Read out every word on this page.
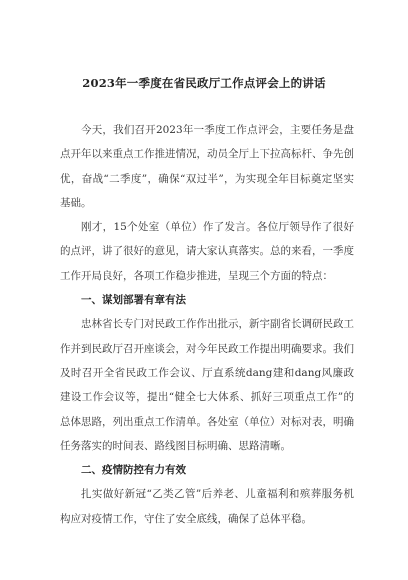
2023年一季度在省民政厅工作点评会上的讲话

今天，我们召开2023年一季度工作点评会，主要任务是盘点开年以来重点工作推进情况，动员全厅上下拉高标杆、争先创优，奋战“二季度”，确保“双过半”，为实现全年目标奠定坚实基础。

刚才，15个处室（单位）作了发言。各位厅领导作了很好的点评，讲了很好的意见，请大家认真落实。总的来看，一季度工作开局良好，各项工作稳步推进，呈现三个方面的特点：

一、谋划部署有章有法

忠林省长专门对民政工作作出批示，新宇副省长调研民政工作并到民政厅召开座谈会，对今年民政工作提出明确要求。我们及时召开全省民政工作会议、厅直系统dang建和dang风廉政建设工作会议等，提出“健全七大体系、抓好三项重点工作”的总体思路，列出重点工作清单。各处室（单位）对标对表，明确任务落实的时间表、路线图目标明确、思路清晰。

二、疫情防控有力有效

扎实做好新冠“乙类乙管”后养老、儿童福利和殡葬服务机构应对疫情工作，守住了安全底线，确保了总体平稳。
